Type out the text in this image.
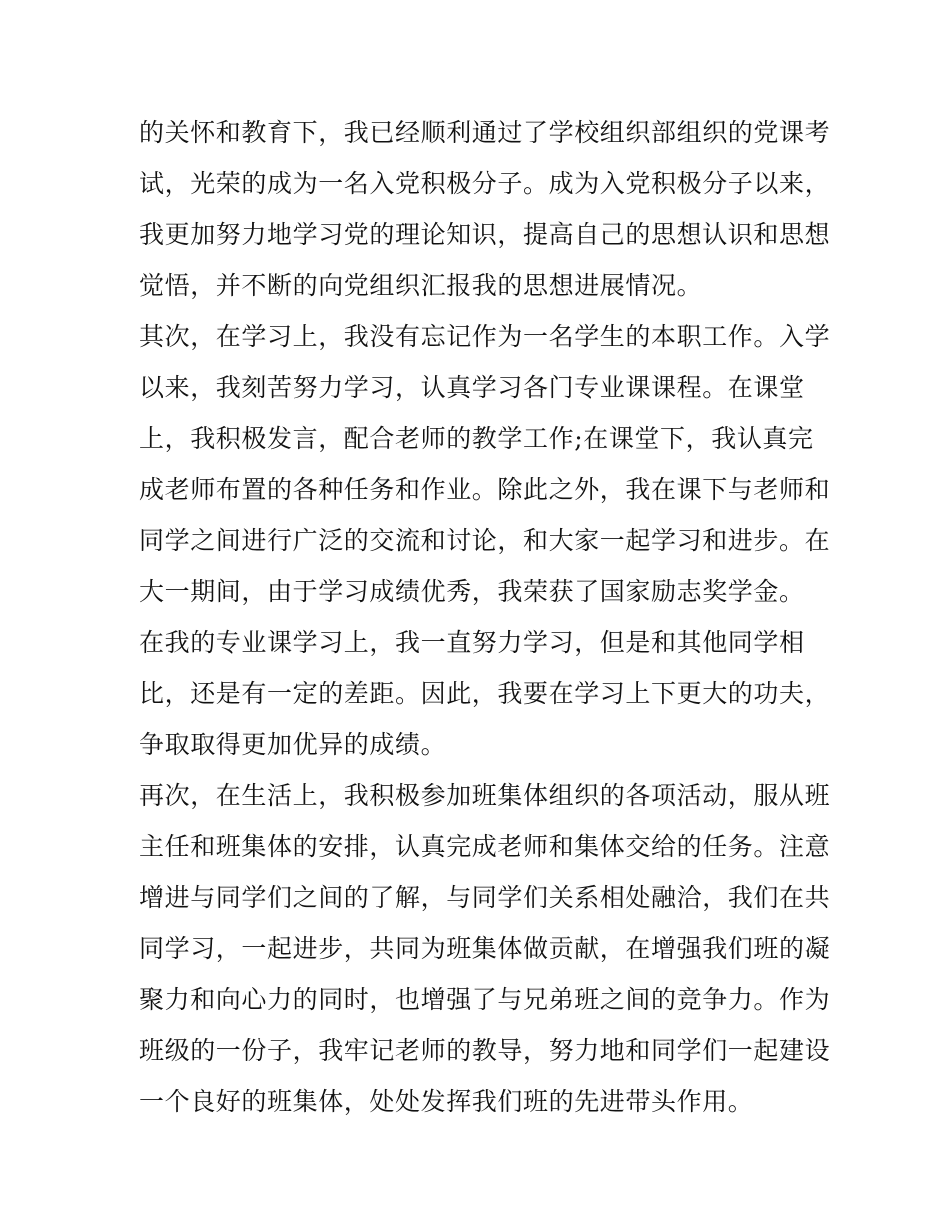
的关怀和教育下，我已经顺利通过了学校组织部组织的党课考
试，光荣的成为一名入党积极分子。成为入党积极分子以来，
我更加努力地学习党的理论知识，提高自己的思想认识和思想
觉悟，并不断的向党组织汇报我的思想进展情况。
其次，在学习上，我没有忘记作为一名学生的本职工作。入学
以来，我刻苦努力学习，认真学习各门专业课课程。在课堂
上，我积极发言，配合老师的教学工作;在课堂下，我认真完
成老师布置的各种任务和作业。除此之外，我在课下与老师和
同学之间进行广泛的交流和讨论，和大家一起学习和进步。在
大一期间，由于学习成绩优秀，我荣获了国家励志奖学金。
在我的专业课学习上，我一直努力学习，但是和其他同学相
比，还是有一定的差距。因此，我要在学习上下更大的功夫，
争取取得更加优异的成绩。
再次，在生活上，我积极参加班集体组织的各项活动，服从班
主任和班集体的安排，认真完成老师和集体交给的任务。注意
增进与同学们之间的了解，与同学们关系相处融洽，我们在共
同学习，一起进步，共同为班集体做贡献，在增强我们班的凝
聚力和向心力的同时，也增强了与兄弟班之间的竞争力。作为
班级的一份子，我牢记老师的教导，努力地和同学们一起建设
一个良好的班集体，处处发挥我们班的先进带头作用。
